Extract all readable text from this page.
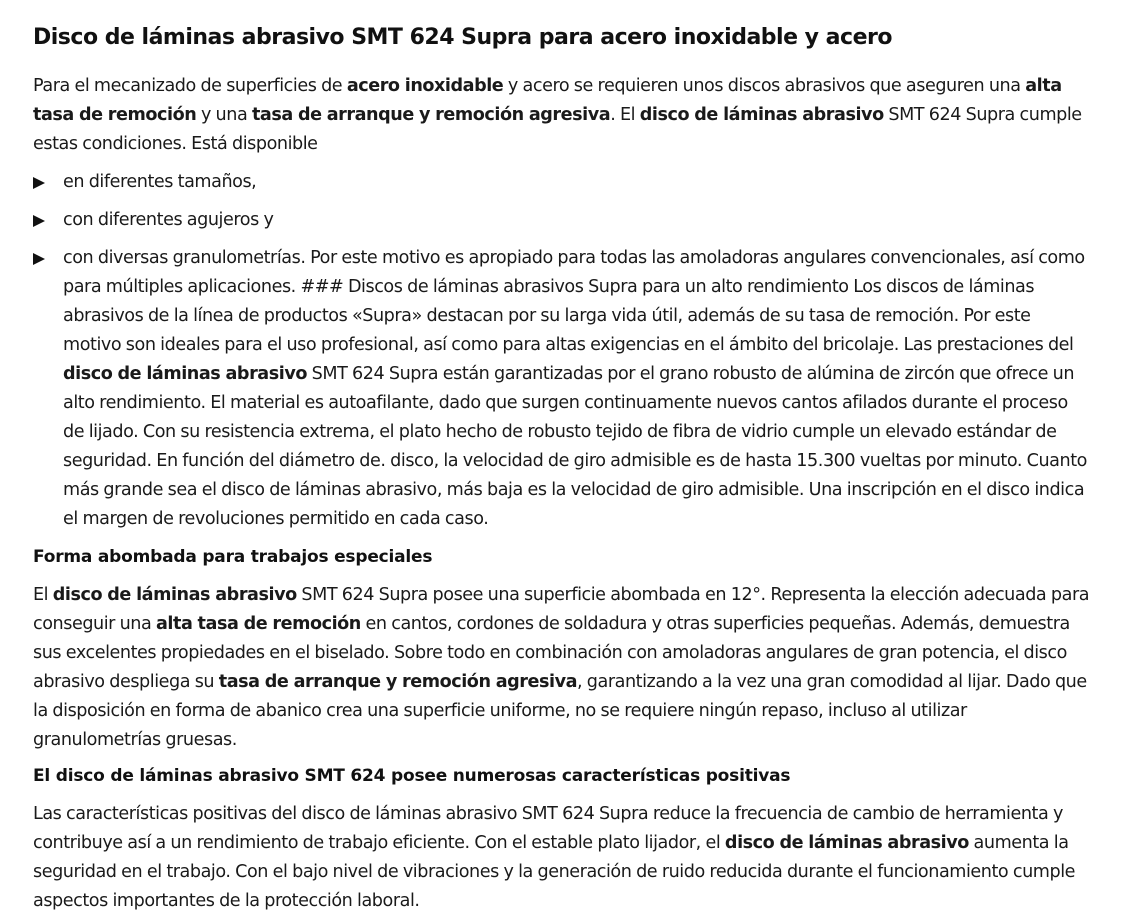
Disco de láminas abrasivo SMT 624 Supra para acero inoxidable y acero

Para el mecanizado de superficies de acero inoxidable y acero se requieren unos discos abrasivos que aseguren una alta tasa de remoción y una tasa de arranque y remoción agresiva. El disco de láminas abrasivo SMT 624 Supra cumple estas condiciones. Está disponible

en diferentes tamaños,
con diferentes agujeros y
con diversas granulometrías. Por este motivo es apropiado para todas las amoladoras angulares convencionales, así como para múltiples aplicaciones. ### Discos de láminas abrasivos Supra para un alto rendimiento Los discos de láminas abrasivos de la línea de productos «Supra» destacan por su larga vida útil, además de su tasa de remoción. Por este motivo son ideales para el uso profesional, así como para altas exigencias en el ámbito del bricolaje. Las prestaciones del disco de láminas abrasivo SMT 624 Supra están garantizadas por el grano robusto de alúmina de zircón que ofrece un alto rendimiento. El material es autoafilante, dado que surgen continuamente nuevos cantos afilados durante el proceso de lijado. Con su resistencia extrema, el plato hecho de robusto tejido de fibra de vidrio cumple un elevado estándar de seguridad. En función del diámetro de. disco, la velocidad de giro admisible es de hasta 15.300 vueltas por minuto. Cuanto más grande sea el disco de láminas abrasivo, más baja es la velocidad de giro admisible. Una inscripción en el disco indica el margen de revoluciones permitido en cada caso.
Forma abombada para trabajos especiales

El disco de láminas abrasivo SMT 624 Supra posee una superficie abombada en 12°. Representa la elección adecuada para conseguir una alta tasa de remoción en cantos, cordones de soldadura y otras superficies pequeñas. Además, demuestra sus excelentes propiedades en el biselado. Sobre todo en combinación con amoladoras angulares de gran potencia, el disco abrasivo despliega su tasa de arranque y remoción agresiva, garantizando a la vez una gran comodidad al lijar. Dado que la disposición en forma de abanico crea una superficie uniforme, no se requiere ningún repaso, incluso al utilizar granulometrías gruesas.

El disco de láminas abrasivo SMT 624 posee numerosas características positivas

Las características positivas del disco de láminas abrasivo SMT 624 Supra reduce la frecuencia de cambio de herramienta y contribuye así a un rendimiento de trabajo eficiente. Con el estable plato lijador, el disco de láminas abrasivo aumenta la seguridad en el trabajo. Con el bajo nivel de vibraciones y la generación de ruido reducida durante el funcionamiento cumple aspectos importantes de la protección laboral.
